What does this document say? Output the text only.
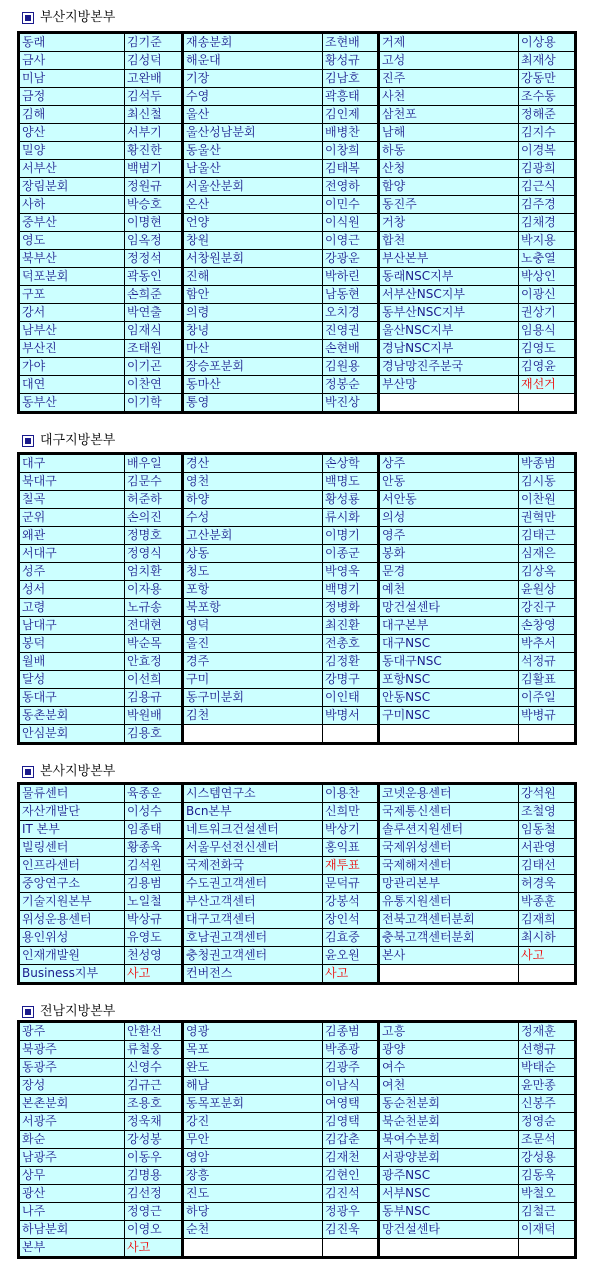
부산지방본부
동래	김기준	재송분회	조현배	거제	이상용
금사	김성덕	해운대	황성규	고성	최재상
미남	고완배	기장	김남호	진주	강동만
금정	김석두	수영	곽흥태	사천	조수동
김해	최신철	울산	김인제	삼천포	정해준
양산	서부기	울산성남분회	배병찬	남해	김지수
밀양	황진한	동울산	이창희	하동	이경복
서부산	백범기	남울산	김태복	산청	김광희
장림분회	정원규	서울산분회	전영하	함양	김근식
사하	박승호	온산	이민수	동진주	김주경
중부산	이명현	언양	이식원	거창	김채경
영도	임옥정	창원	이영근	합천	박지용
북부산	정정석	서창원분회	강광운	부산본부	노충열
덕포분회	곽동인	진해	박하린	동래NSC지부	박상인
구포	손희준	함안	남동현	서부산NSC지부	이광신
강서	박연출	의령	오치경	동부산NSC지부	권상기
남부산	임재식	창녕	진영권	울산NSC지부	임용식
부산진	조태원	마산	손현배	경남NSC지부	김영도
가야	이기곤	장승포분회	김원용	경남망진주분국	김영윤
대연	이찬연	동마산	정봉순	부산망	재선거
동부산	이기학	통영	박진상		
대구지방본부
대구	배우일	경산	손상학	상주	박종범
북대구	김문수	영천	백명도	안동	김시동
칠곡	허준하	하양	황성룡	서안동	이찬원
군위	손의진	수성	류시화	의성	권혁만
왜관	정명호	고산분회	이명기	영주	김태근
서대구	정영식	상동	이종군	봉화	심재은
성주	엄치환	청도	박영욱	문경	김상옥
성서	이자용	포항	백명기	예천	윤원상
고령	노규송	북포항	정병화	망건설센타	강진구
남대구	전대현	영덕	최진환	대구본부	손창영
봉덕	박순목	울진	전총호	대구NSC	박추서
월배	안효정	경주	김정환	동대구NSC	석정규
달성	이선희	구미	강명구	포항NSC	김활표
동대구	김용규	동구미분회	이인태	안동NSC	이주일
동촌분회	박원배	김천	박명서	구미NSC	박병규
안심분회	김용호				
본사지방본부
물류센터	육종운	시스템연구소	이용찬	코넷운용센터	강석원
자산개발단	이성수	Bcn본부	신희만	국제통신센터	조철영
IT 본부	임종태	네트워크건설센터	박상기	솔루션지원센터	임동철
빌링센터	황종욱	서울무선전신센터	홍익표	국제위성센터	서관영
인프라센터	김석원	국제전화국	재투표	국제해저센터	김태선
중앙연구소	김용범	수도권고객센터	문덕규	망관리본부	허경욱
기술지원본부	노일철	부산고객센터	강봉석	유통지원센터	박종훈
위성운용센터	박상규	대구고객센터	장인석	전북고객센터분회	김재희
용인위성	유영도	호남권고객센터	김효중	충북고객센터분회	최시하
인재개발원	천성영	충청권고객센터	윤오원	본사	사고
Business지부	사고	컨버전스	사고		
전남지방본부
광주	안환선	영광	김종범	고흥	정재훈
북광주	류철웅	목포	박종광	광양	선행규
동광주	신영수	완도	김광주	여수	박태순
장성	김규근	해남	이남식	여천	윤만종
본촌분회	조용호	동목포분회	여영택	동순천분회	신봉주
서광주	정욱채	강진	김영택	북순천분회	정영순
화순	강성봉	무안	김갑춘	북여수분회	조문석
남광주	이동우	영암	김재천	서광양분회	강성용
상무	김명용	장흥	김현인	광주NSC	김동욱
광산	김선정	진도	김진석	서부NSC	박철오
나주	정영근	하당	정광우	동부NSC	김철근
하남분회	이영오	순천	김진욱	망건설센타	이재덕
본부	사고				
